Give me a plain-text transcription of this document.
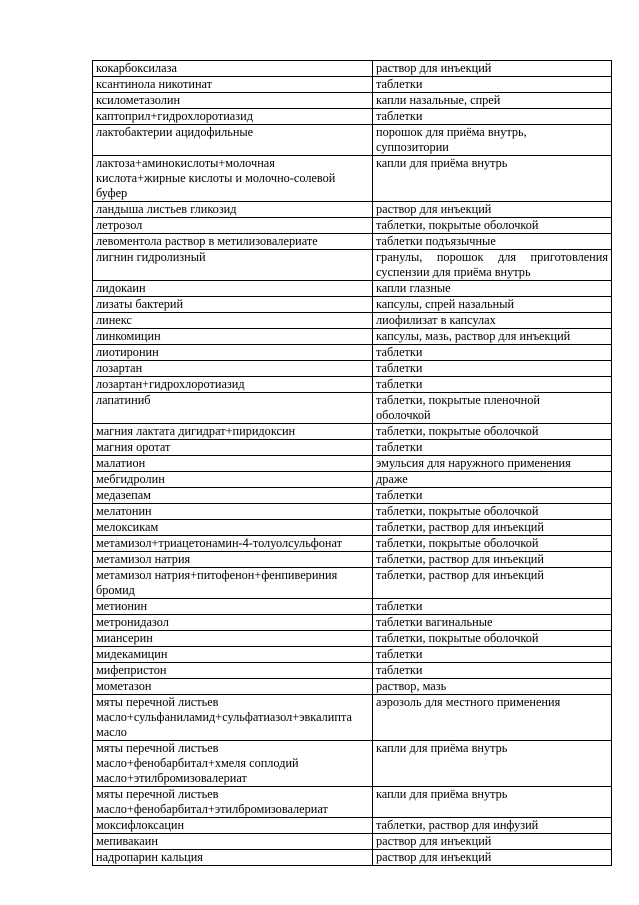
кокарбоксилаза	раствор для инъекций
ксантинола никотинат	таблетки
ксилометазолин	капли назальные, спрей
каптоприл+гидрохлоротиазид	таблетки
лактобактерии ацидофильные	порошок для приёма внутрь,
суппозитории
лактоза+аминокислоты+молочная
кислота+жирные кислоты и молочно-солевой
буфер	капли для приёма внутрь
ландыша листьев гликозид	раствор для инъекций
летрозол	таблетки, покрытые оболочкой
левоментола раствор в метилизовалериате	таблетки подъязычные
лигнин гидролизный	гранулы, порошок для приготовления суспензии для приёма внутрь
лидокаин	капли глазные
лизаты бактерий	капсулы, спрей назальный
линекс	лиофилизат в капсулах
линкомицин	капсулы, мазь, раствор для инъекций
лиотиронин	таблетки
лозартан	таблетки
лозартан+гидрохлоротиазид	таблетки
лапатиниб	таблетки, покрытые пленочной
оболочкой
магния лактата дигидрат+пиридоксин	таблетки, покрытые оболочкой
магния оротат	таблетки
малатион	эмульсия для наружного применения
мебгидролин	драже
медазепам	таблетки
мелатонин	таблетки, покрытые оболочкой
мелоксикам	таблетки, раствор для инъекций
метамизол+триацетонамин-4-толуолсульфонат	таблетки, покрытые оболочкой
метамизол натрия	таблетки, раствор для инъекций
метамизол натрия+питофенон+фенпивериния
бромид	таблетки, раствор для инъекций
метионин	таблетки
метронидазол	таблетки вагинальные
миансерин	таблетки, покрытые оболочкой
мидекамицин	таблетки
мифепристон	таблетки
мометазон	раствор, мазь
мяты перечной листьев
масло+сульфаниламид+сульфатиазол+эвкалипта
масло	аэрозоль для местного применения
мяты перечной листьев
масло+фенобарбитал+хмеля соплодий
масло+этилбромизовалериат	капли для приёма внутрь
мяты перечной листьев
масло+фенобарбитал+этилбромизовалериат	капли для приёма внутрь
моксифлоксацин	таблетки, раствор для инфузий
мепивакаин	раствор для инъекций
надропарин кальция	раствор для инъекций
